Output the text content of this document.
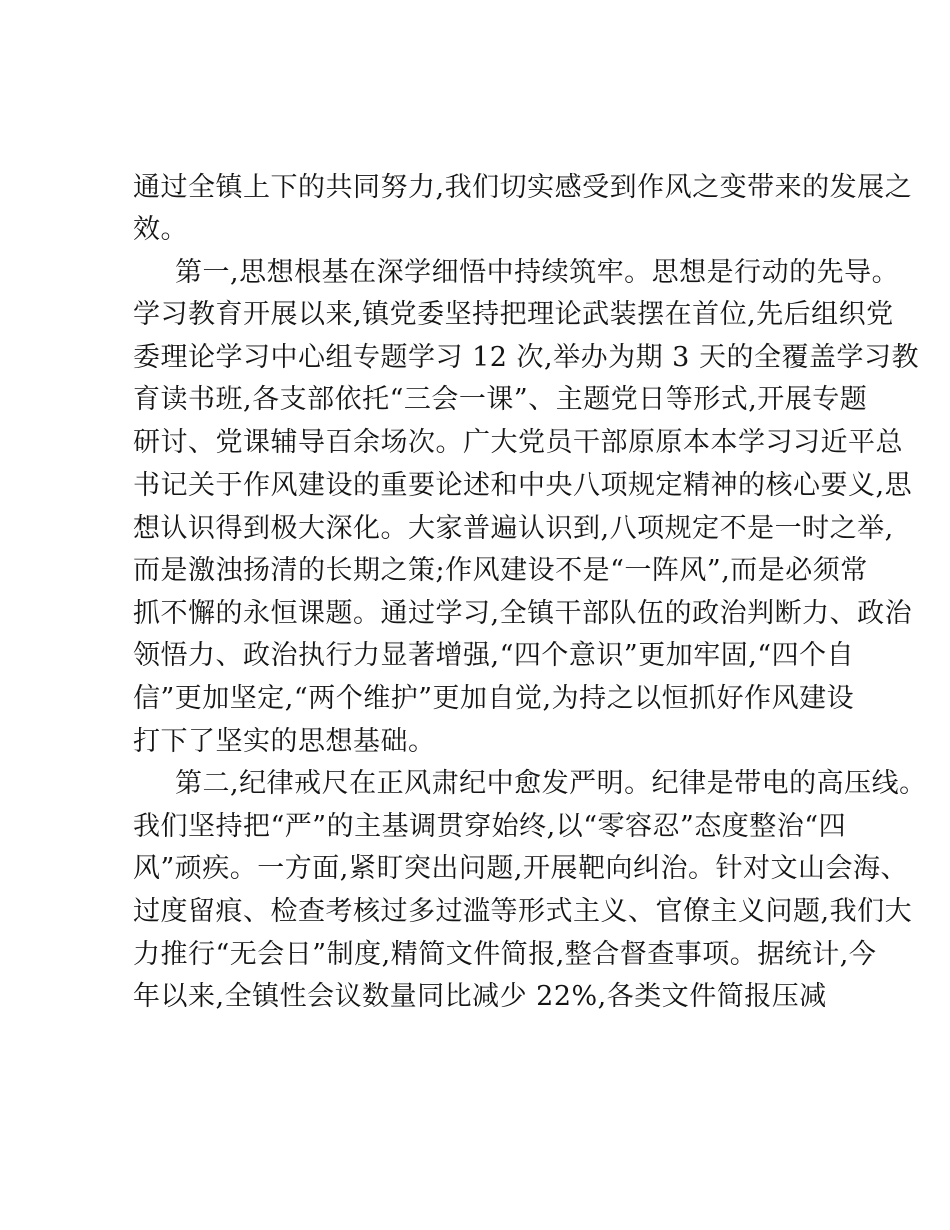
通过全镇上下的共同努力,我们切实感受到作风之变带来的发展之
效。
第一,思想根基在深学细悟中持续筑牢。思想是行动的先导。
学习教育开展以来,镇党委坚持把理论武装摆在首位,先后组织党
委理论学习中心组专题学习 12 次,举办为期 3 天的全覆盖学习教
育读书班,各支部依托“三会一课”、主题党日等形式,开展专题
研讨、党课辅导百余场次。广大党员干部原原本本学习习近平总
书记关于作风建设的重要论述和中央八项规定精神的核心要义,思
想认识得到极大深化。大家普遍认识到,八项规定不是一时之举,
而是激浊扬清的长期之策;作风建设不是“一阵风”,而是必须常
抓不懈的永恒课题。通过学习,全镇干部队伍的政治判断力、政治
领悟力、政治执行力显著增强,“四个意识”更加牢固,“四个自
信”更加坚定,“两个维护”更加自觉,为持之以恒抓好作风建设
打下了坚实的思想基础。
第二,纪律戒尺在正风肃纪中愈发严明。纪律是带电的高压线。
我们坚持把“严”的主基调贯穿始终,以“零容忍”态度整治“四
风”顽疾。一方面,紧盯突出问题,开展靶向纠治。针对文山会海、
过度留痕、检查考核过多过滥等形式主义、官僚主义问题,我们大
力推行“无会日”制度,精简文件简报,整合督查事项。据统计,今
年以来,全镇性会议数量同比减少 22%,各类文件简报压减
